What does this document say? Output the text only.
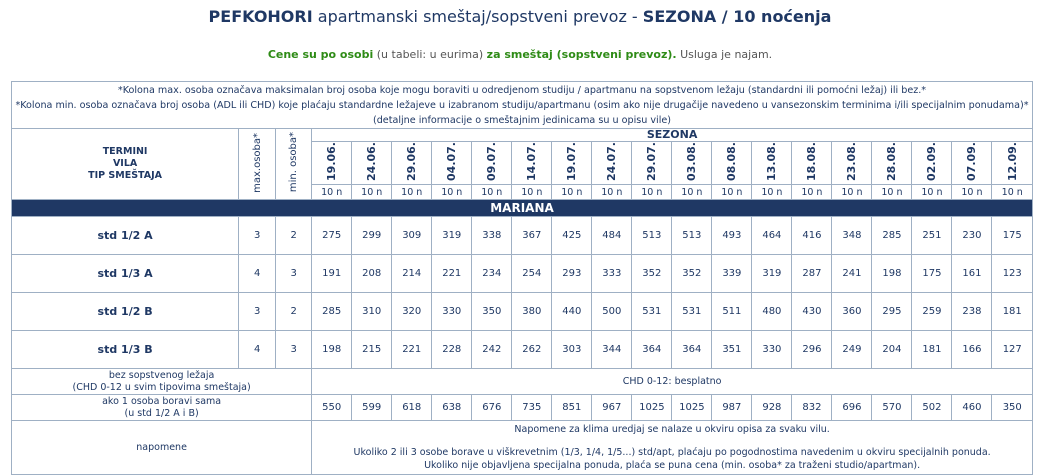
PEFKOHORI apartmanski smeštaj/sopstveni prevoz - SEZONA / 10 noćenja
Cene su po osobi (u tabeli: u eurima) za smeštaj (sopstveni prevoz). Usluga je najam.
*Kolona max. osoba označava maksimalan broj osoba koje mogu boraviti u odredjenom studiju / apartmanu na sopstvenom ležaju (standardni ili pomoćni ležaj) ili bez.*
*Kolona min. osoba označava broj osoba (ADL ili CHD) koje plaćaju standardne ležajeve u izabranom studiju/apartmanu (osim ako nije drugačije navedeno u vansezonskim terminima i/ili specijalnim ponudama)*
(detaljne informacije o smeštajnim jedinicama su u opisu vile)																				

TERMINI
VILA
TIP SMEŠTAJA	max.osoba*	min. osoba*	SEZONA																	
			19.06.	24.06.	29.06.	04.07.	09.07.	14.07.	19.07.	24.07.	29.07.	03.08.	08.08.	13.08.	18.08.	23.08.	28.08.	02.09.	07.09.	12.09.
			10 n	10 n	10 n	10 n	10 n	10 n	10 n	10 n	10 n	10 n	10 n	10 n	10 n	10 n	10 n	10 n	10 n	10 n
MARIANA																				
std 1/2 A	3	2	275	299	309	319	338	367	425	484	513	513	493	464	416	348	285	251	230	175
std 1/3 A	4	3	191	208	214	221	234	254	293	333	352	352	339	319	287	241	198	175	161	123
std 1/2 B	3	2	285	310	320	330	350	380	440	500	531	531	511	480	430	360	295	259	238	181
std 1/3 B	4	3	198	215	221	228	242	262	303	344	364	364	351	330	296	249	204	181	166	127

bez sopstvenog ležaja
(CHD 0-12 u svim tipovima smeštaja)			CHD 0-12: besplatno																	

ako 1 osoba boravi sama
(u std 1/2 A i B)			550	599	618	638	676	735	851	967	1025	1025	987	928	832	696	570	502	460	350
napomene			Napomene za klima uredjaj se nalaze u okviru opisa za svaku vilu.
Ukoliko 2 ili 3 osobe borave u viškrevetnim (1/3, 1/4, 1/5...) std/apt, plaćaju po pogodnostima navedenim u okviru specijalnih ponuda.
Ukoliko nije objavljena specijalna ponuda, plaća se puna cena (min. osoba* za traženi studio/apartman).																	
